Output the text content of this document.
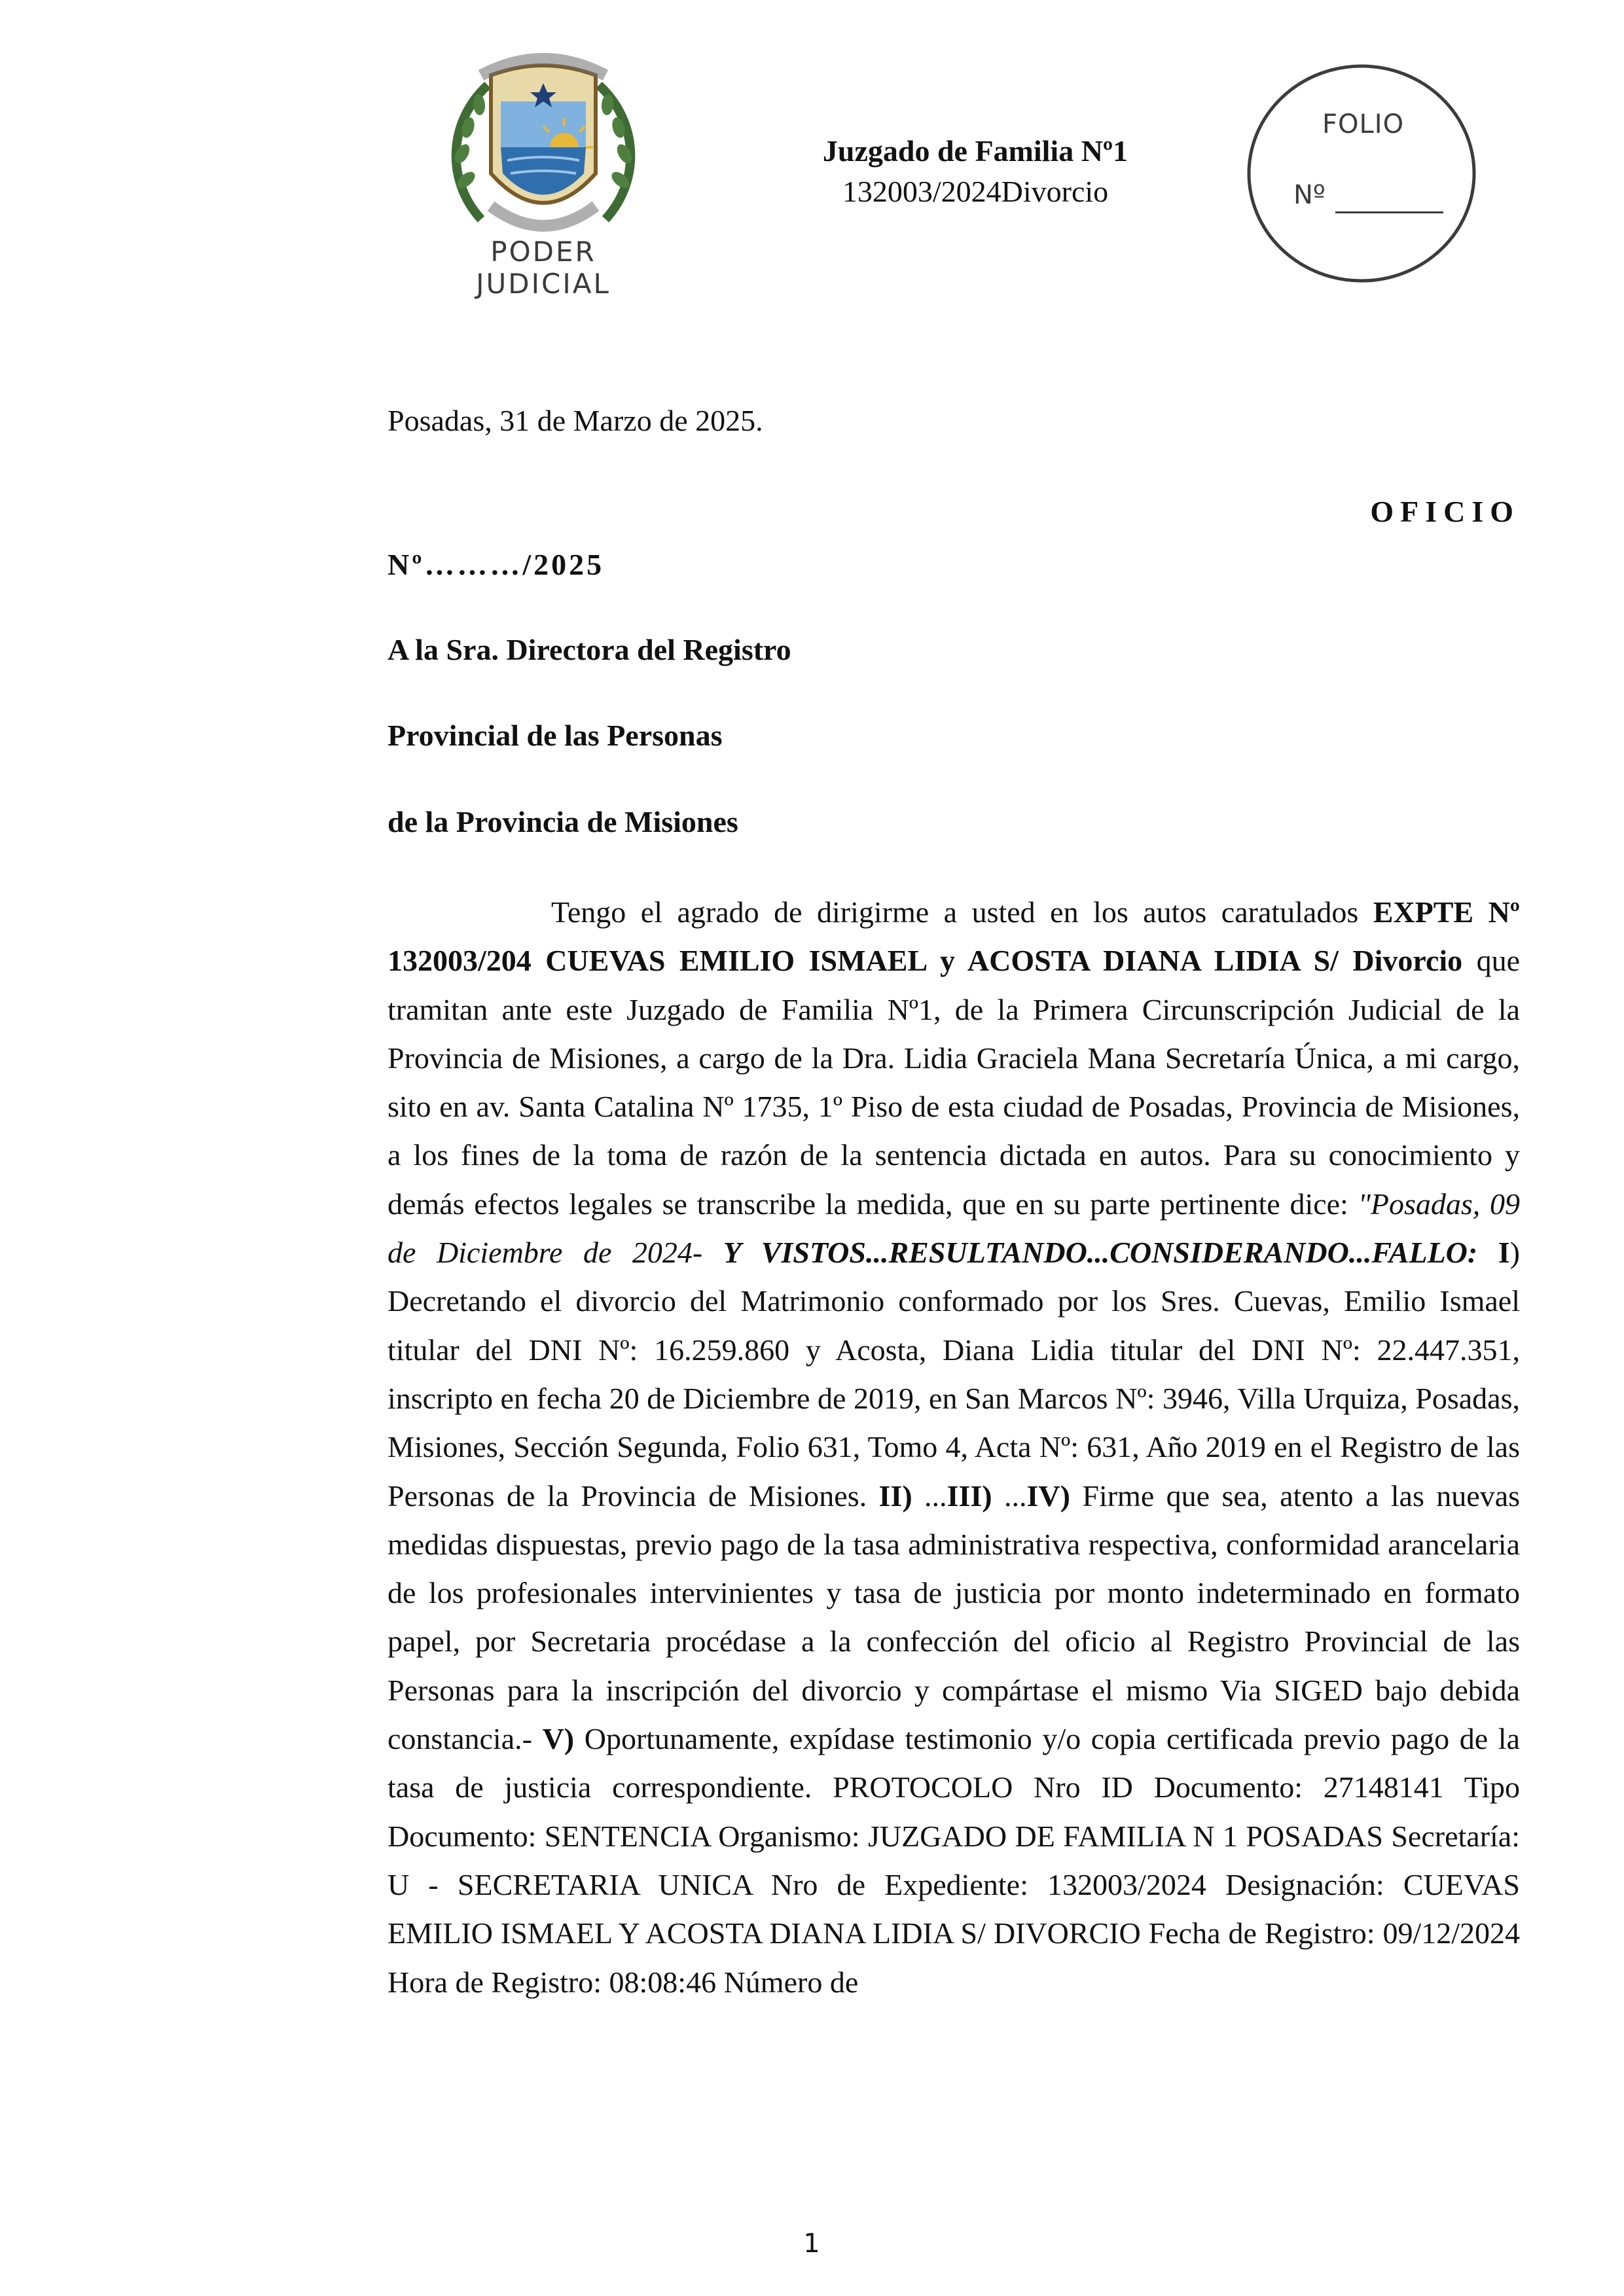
PODER JUDICIAL
Juzgado de Familia Nº1
132003/2024Divorcio
FOLIO
Nº
Posadas, 31 de Marzo de 2025.
OFICIO
Nº………/2025
A la Sra. Directora del Registro
Provincial de las Personas
de la Provincia de Misiones
Tengo el agrado de dirigirme a usted en los autos caratulados EXPTE Nº 132003/204 CUEVAS EMILIO ISMAEL y ACOSTA DIANA LIDIA S/ Divorcio que tramitan ante este Juzgado de Familia Nº1, de la Primera Circunscripción Judicial de la Provincia de Misiones, a cargo de la Dra. Lidia Graciela Mana Secretaría Única, a mi cargo, sito en av. Santa Catalina Nº 1735, 1º Piso de esta ciudad de Posadas, Provincia de Misiones, a los fines de la toma de razón de la sentencia dictada en autos. Para su conocimiento y demás efectos legales se transcribe la medida, que en su parte pertinente dice: "Posadas, 09 de Diciembre de 2024- Y VISTOS...RESULTANDO...CONSIDERANDO...FALLO: I) Decretando el divorcio del Matrimonio conformado por los Sres. Cuevas, Emilio Ismael titular del DNI Nº: 16.259.860 y Acosta, Diana Lidia titular del DNI Nº: 22.447.351, inscripto en fecha 20 de Diciembre de 2019, en San Marcos Nº: 3946, Villa Urquiza, Posadas, Misiones, Sección Segunda, Folio 631, Tomo 4, Acta Nº: 631, Año 2019 en el Registro de las Personas de la Provincia de Misiones. II) ...III) ...IV) Firme que sea, atento a las nuevas medidas dispuestas, previo pago de la tasa administrativa respectiva, conformidad arancelaria de los profesionales intervinientes y tasa de justicia por monto indeterminado en formato papel, por Secretaria procédase a la confección del oficio al Registro Provincial de las Personas para la inscripción del divorcio y compártase el mismo Via SIGED bajo debida constancia.- V) Oportunamente, expídase testimonio y/o copia certificada previo pago de la tasa de justicia correspondiente. PROTOCOLO Nro ID Documento: 27148141 Tipo Documento: SENTENCIA Organismo: JUZGADO DE FAMILIA N 1 POSADAS Secretaría: U - SECRETARIA UNICA Nro de Expediente: 132003/2024 Designación: CUEVAS EMILIO ISMAEL Y ACOSTA DIANA LIDIA S/ DIVORCIO Fecha de Registro: 09/12/2024 Hora de Registro: 08:08:46 Número de
1
